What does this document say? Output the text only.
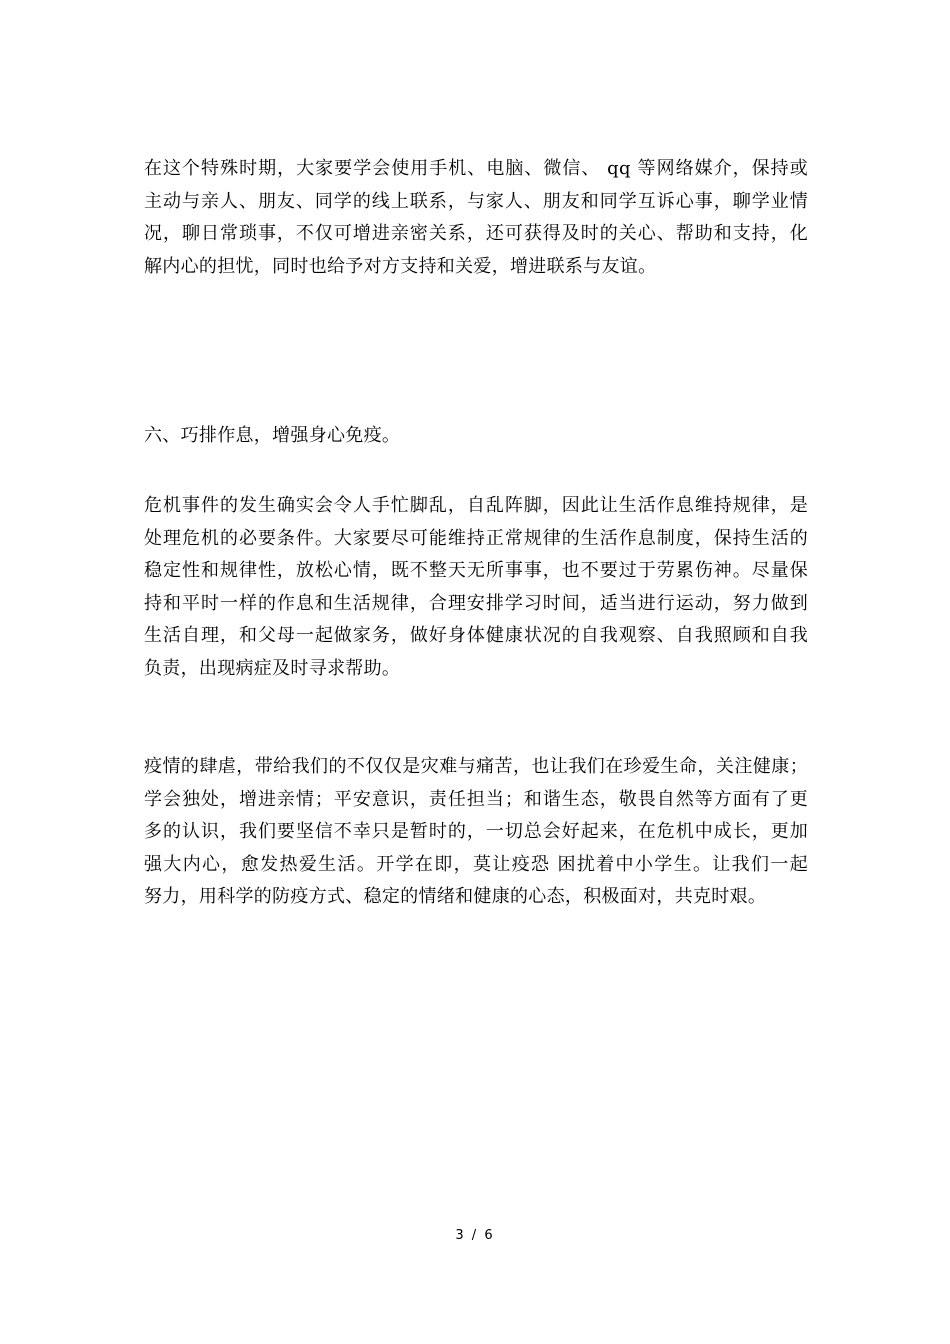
在这个特殊时期，大家要学会使用手机、电脑、微信、 qq 等网络媒介，保持或
主动与亲人、朋友、同学的线上联系，与家人、朋友和同学互诉心事，聊学业情
况，聊日常琐事，不仅可增进亲密关系，还可获得及时的关心、帮助和支持，化
解内心的担忧，同时也给予对方支持和关爱，增进联系与友谊。

六、巧排作息，增强身心免疫。

危机事件的发生确实会令人手忙脚乱，自乱阵脚，因此让生活作息维持规律，是
处理危机的必要条件。大家要尽可能维持正常规律的生活作息制度，保持生活的
稳定性和规律性，放松心情，既不整天无所事事，也不要过于劳累伤神。尽量保
持和平时一样的作息和生活规律，合理安排学习时间，适当进行运动，努力做到
生活自理，和父母一起做家务，做好身体健康状况的自我观察、自我照顾和自我
负责，出现病症及时寻求帮助。

疫情的肆虐，带给我们的不仅仅是灾难与痛苦，也让我们在珍爱生命，关注健康；
学会独处，增进亲情；平安意识，责任担当；和谐生态，敬畏自然等方面有了更
多的认识，我们要坚信不幸只是暂时的，一切总会好起来，在危机中成长，更加
强大内心，愈发热爱生活。开学在即，莫让疫恐 困扰着中小学生。让我们一起
努力，用科学的防疫方式、稳定的情绪和健康的心态，积极面对，共克时艰。

3 / 6
